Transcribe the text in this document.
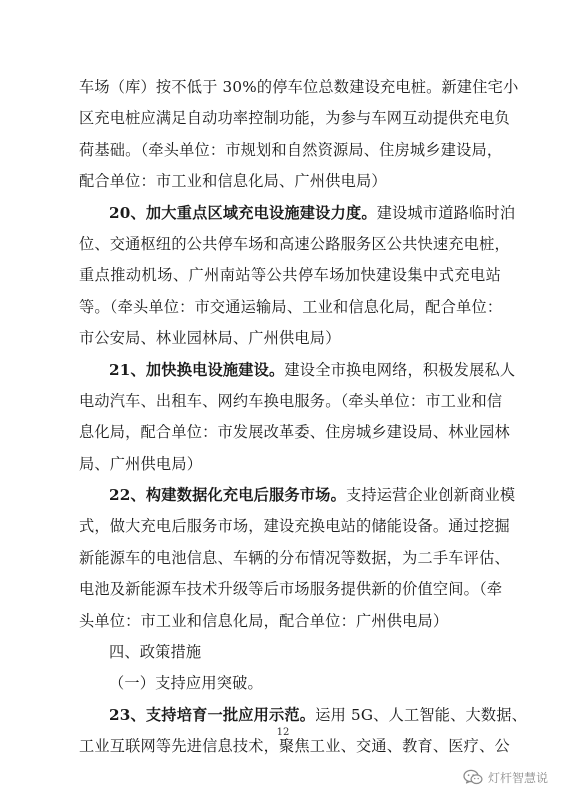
车场（库）按不低于 30%的停车位总数建设充电桩。新建住宅小
区充电桩应满足自动功率控制功能，为参与车网互动提供充电负
荷基础。（牵头单位：市规划和自然资源局、住房城乡建设局，
配合单位：市工业和信息化局、广州供电局）
20、加大重点区域充电设施建设力度。建设城市道路临时泊
位、交通枢纽的公共停车场和高速公路服务区公共快速充电桩，
重点推动机场、广州南站等公共停车场加快建设集中式充电站
等。（牵头单位：市交通运输局、工业和信息化局，配合单位：
市公安局、林业园林局、广州供电局）
21、加快换电设施建设。建设全市换电网络，积极发展私人
电动汽车、出租车、网约车换电服务。（牵头单位：市工业和信
息化局，配合单位：市发展改革委、住房城乡建设局、林业园林
局、广州供电局）
22、构建数据化充电后服务市场。支持运营企业创新商业模
式，做大充电后服务市场，建设充换电站的储能设备。通过挖掘
新能源车的电池信息、车辆的分布情况等数据，为二手车评估、
电池及新能源车技术升级等后市场服务提供新的价值空间。（牵
头单位：市工业和信息化局，配合单位：广州供电局）
四、政策措施
（一）支持应用突破。
23、支持培育一批应用示范。运用 5G、人工智能、大数据、
工业互联网等先进信息技术，聚焦工业、交通、教育、医疗、公
12
灯杆智慧说
